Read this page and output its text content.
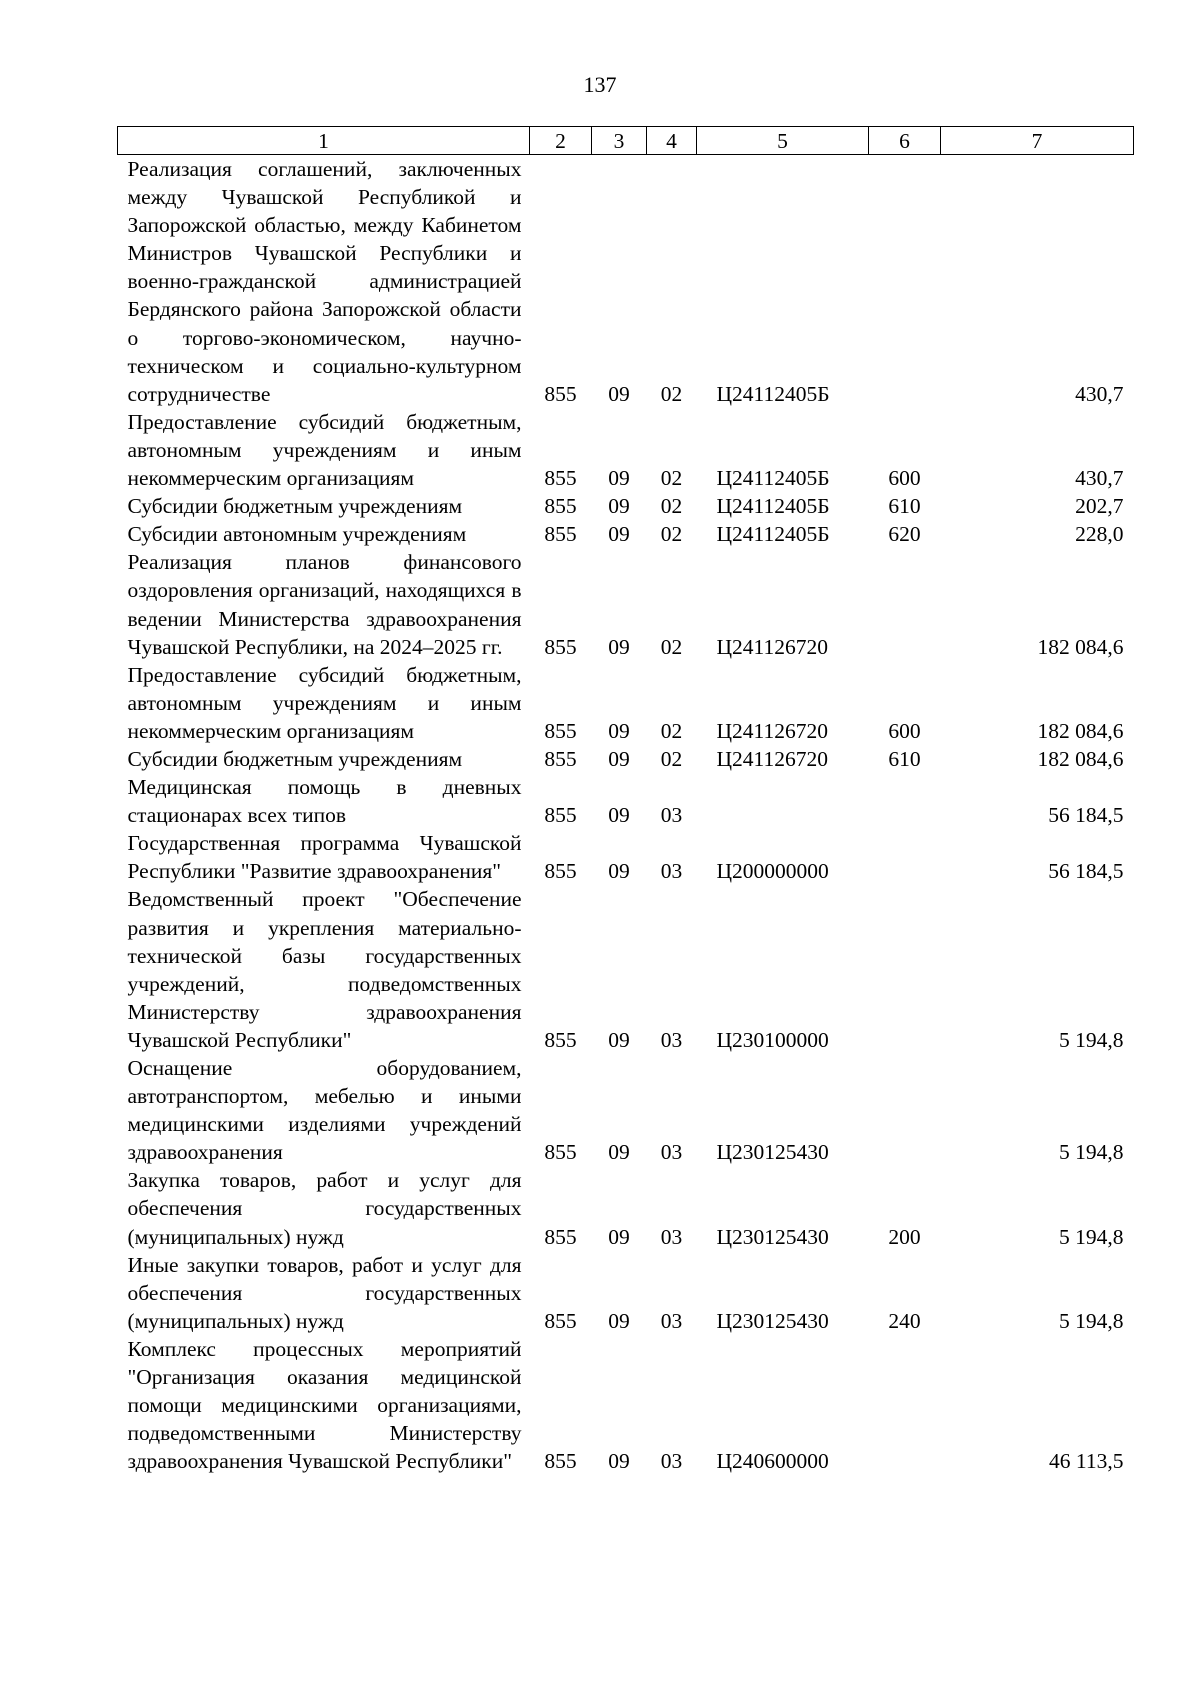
137
1	2	3	4	5	6	7
Реализация соглашений, заключенных между Чувашской Республикой и Запорожской областью, между Кабинетом Министров Чувашской Республики и военно-гражданской администрацией Бердянского района Запорожской области о торгово-экономическом, научно-техническом и социально-культурном сотрудничестве	855	09	02	Ц24112405Б		430,7
Предоставление субсидий бюджетным, автономным учреждениям и иным некоммерческим организациям	855	09	02	Ц24112405Б	600	430,7
Субсидии бюджетным учреждениям	855	09	02	Ц24112405Б	610	202,7
Субсидии автономным учреждениям	855	09	02	Ц24112405Б	620	228,0
Реализация планов финансового оздоровления организаций, находящихся в ведении Министерства здравоохранения Чувашской Республики, на 2024–2025 гг.	855	09	02	Ц241126720		182 084,6
Предоставление субсидий бюджетным, автономным учреждениям и иным некоммерческим организациям	855	09	02	Ц241126720	600	182 084,6
Субсидии бюджетным учреждениям	855	09	02	Ц241126720	610	182 084,6
Медицинская помощь в дневных стационарах всех типов	855	09	03			56 184,5
Государственная программа Чувашской Республики "Развитие здравоохранения"	855	09	03	Ц200000000		56 184,5
Ведомственный проект "Обеспечение развития и укрепления материально-технической базы государственных учреждений, подведомственных Министерству здравоохранения Чувашской Республики"	855	09	03	Ц230100000		5 194,8
Оснащение оборудованием, автотранспортом, мебелью и иными медицинскими изделиями учреждений здравоохранения	855	09	03	Ц230125430		5 194,8
Закупка товаров, работ и услуг для обеспечения государственных (муниципальных) нужд	855	09	03	Ц230125430	200	5 194,8
Иные закупки товаров, работ и услуг для обеспечения государственных (муниципальных) нужд	855	09	03	Ц230125430	240	5 194,8
Комплекс процессных мероприятий "Организация оказания медицинской помощи медицинскими организациями, подведомственными Министерству здравоохранения Чувашской Республики"	855	09	03	Ц240600000		46 113,5
